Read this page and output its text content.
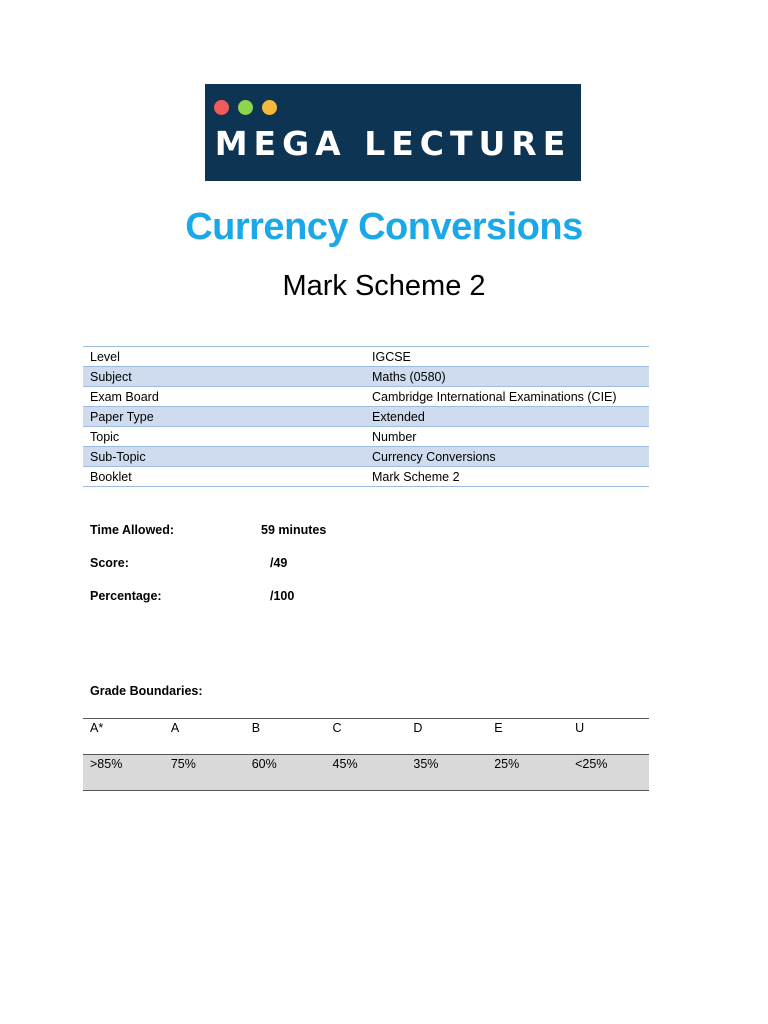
MEGA LECTURE
Currency Conversions
Mark Scheme 2
Level	IGCSE
Subject	Maths (0580)
Exam Board	Cambridge International Examinations (CIE)
Paper Type	Extended
Topic	Number
Sub-Topic	Currency Conversions
Booklet	Mark Scheme 2
Time Allowed:	59 minutes
Score:	/49
Percentage:	/100
Grade Boundaries:
A*	A	B	C	D	E	U
>85%	75%	60%	45%	35%	25%	<25%
